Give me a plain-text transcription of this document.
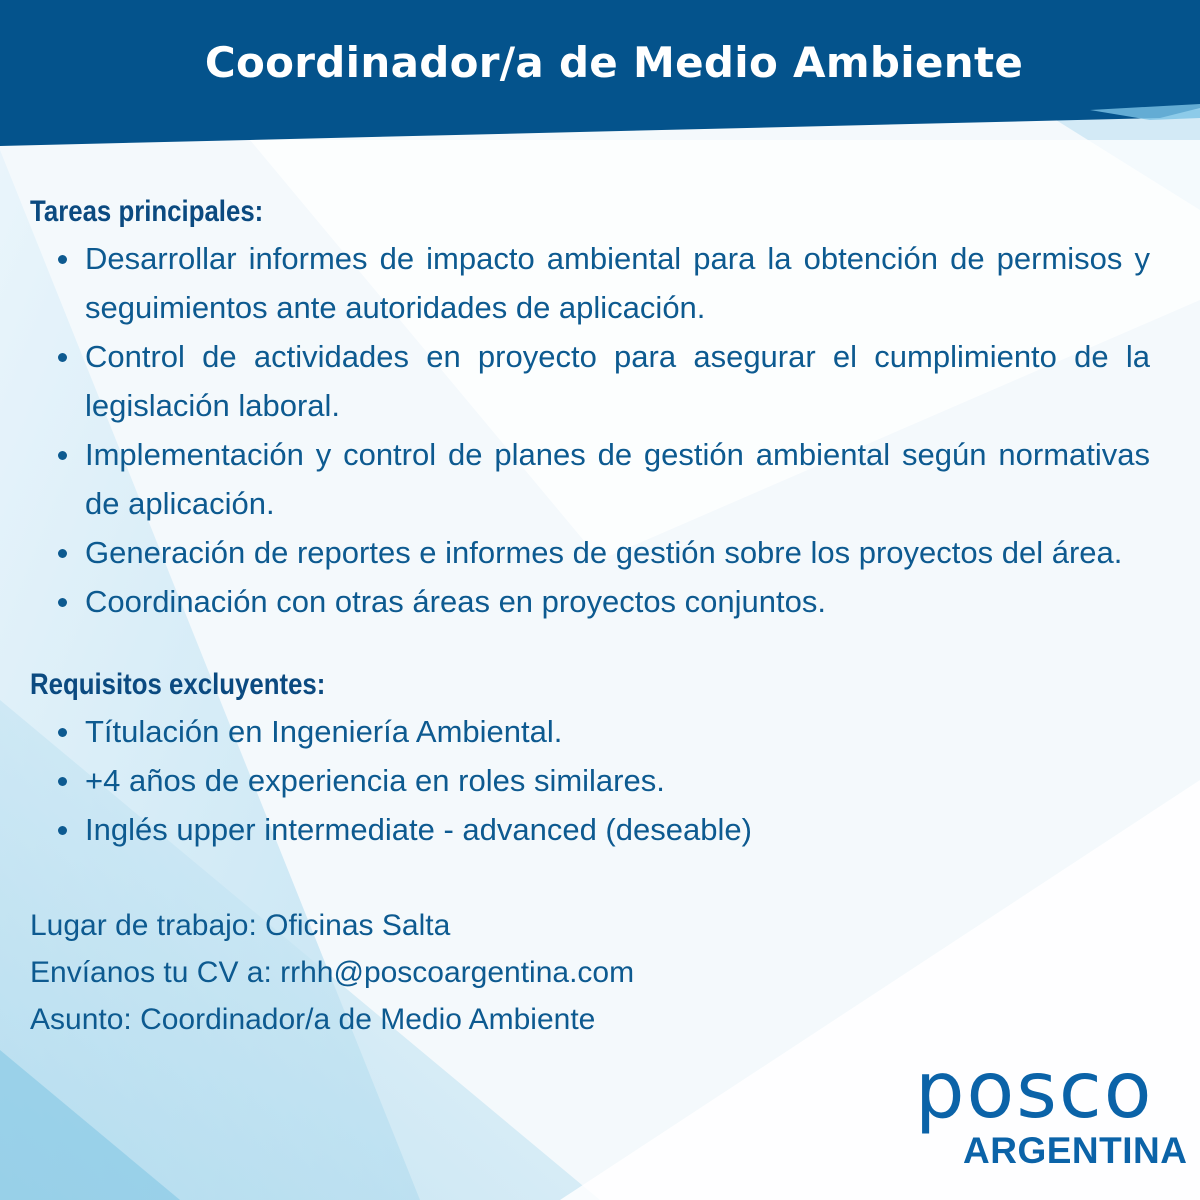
Coordinador/a de Medio Ambiente
Tareas principales:
Desarrollar informes de impacto ambiental para la obtención de permisos y seguimientos ante autoridades de aplicación.
Control de actividades en proyecto para asegurar el cumplimiento de la legislación laboral.
Implementación y control de planes de gestión ambiental según normativas de aplicación.
Generación de reportes e informes de gestión sobre los proyectos del área.
Coordinación con otras áreas en proyectos conjuntos.
Requisitos excluyentes:
Títulación en Ingeniería Ambiental.
+4 años de experiencia en roles similares.
Inglés upper intermediate - advanced (deseable)
Lugar de trabajo: Oficinas Salta
Envíanos tu CV a: rrhh@poscoargentina.com
Asunto: Coordinador/a de Medio Ambiente
posco
ARGENTINA
